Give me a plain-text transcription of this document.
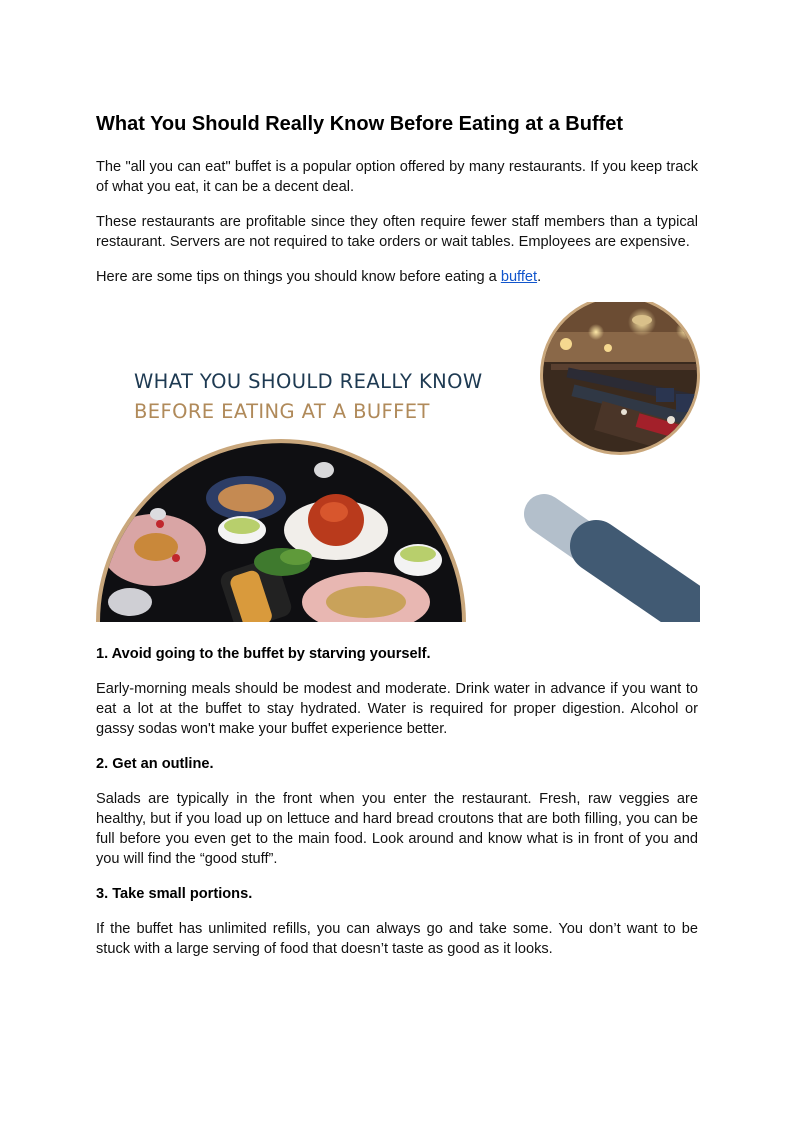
What You Should Really Know Before Eating at a Buffet

The "all you can eat" buffet is a popular option offered by many restaurants. If you keep track of what you eat, it can be a decent deal.

These restaurants are profitable since they often require fewer staff members than a typical restaurant. Servers are not required to take orders or wait tables. Employees are expensive.

Here are some tips on things you should know before eating a buffet.

WHAT YOU SHOULD REALLY KNOW
BEFORE EATING AT A BUFFET
1. Avoid going to the buffet by starving yourself.

Early-morning meals should be modest and moderate. Drink water in advance if you want to eat a lot at the buffet to stay hydrated. Water is required for proper digestion. Alcohol or gassy sodas won't make your buffet experience better.

2. Get an outline.

Salads are typically in the front when you enter the restaurant. Fresh, raw veggies are healthy, but if you load up on lettuce and hard bread croutons that are both filling, you can be full before you even get to the main food. Look around and know what is in front of you and you will find the “good stuff”.

3. Take small portions.

If the buffet has unlimited refills, you can always go and take some. You don’t want to be stuck with a large serving of food that doesn’t taste as good as it looks.
